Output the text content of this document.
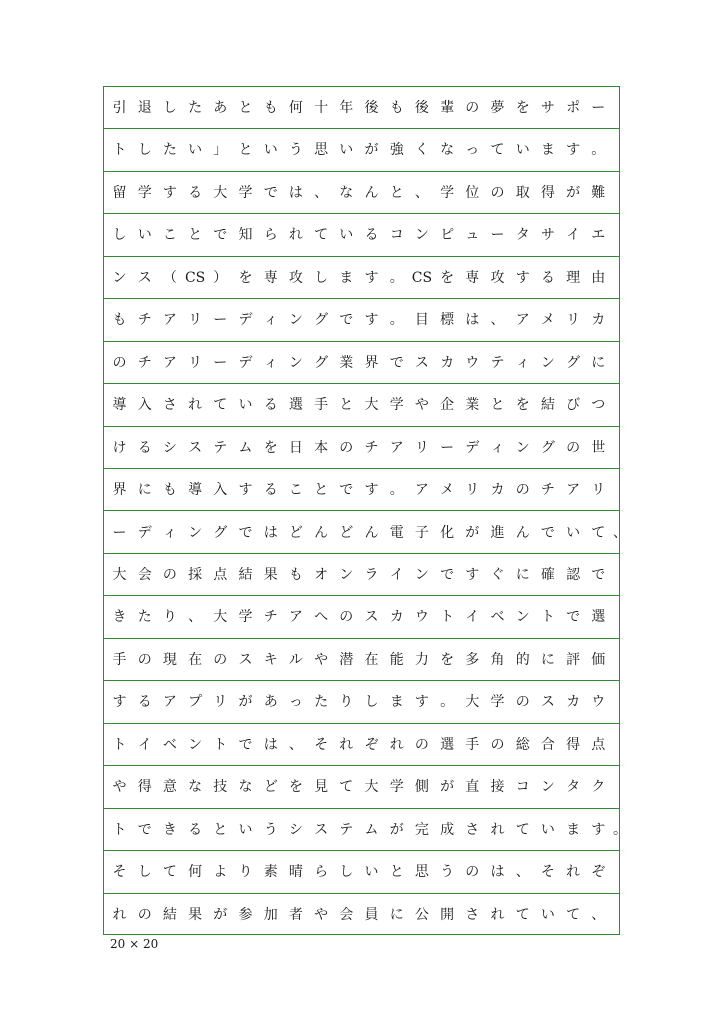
引 退 し た あ と も 何 十 年 後 も 後 輩 の 夢 を サ ポ ー
ト し た い 」 と い う 思 い が 強 く な っ て い ま す 。
留 学 す る 大 学 で は 、 な ん と 、 学 位 の 取 得 が 難
し い こ と で 知 ら れ て い る コ ン ピ ュ ー タ サ イ エ
ン ス （ CS ） を 専 攻 し ま す 。 CS を 専 攻 す る 理 由
も チ ア リ ー デ ィ ン グ で す 。 目 標 は 、 ア メ リ カ
の チ ア リ ー デ ィ ン グ 業 界 で ス カ ウ テ ィ ン グ に
導 入 さ れ て い る 選 手 と 大 学 や 企 業 と を 結 び つ
け る シ ス テ ム を 日 本 の チ ア リ ー デ ィ ン グ の 世
界 に も 導 入 す る こ と で す 。 ア メ リ カ の チ ア リ
ー デ ィ ン グ で は ど ん ど ん 電 子 化 が 進 ん で い て 、
大 会 の 採 点 結 果 も オ ン ラ イ ン で す ぐ に 確 認 で
き た り 、 大 学 チ ア へ の ス カ ウ ト イ ベ ン ト で 選
手 の 現 在 の ス キ ル や 潜 在 能 力 を 多 角 的 に 評 価
す る ア プ リ が あ っ た り し ま す 。 大 学 の ス カ ウ
ト イ ベ ン ト で は 、 そ れ ぞ れ の 選 手 の 総 合 得 点
や 得 意 な 技 な ど を 見 て 大 学 側 が 直 接 コ ン タ ク
ト で き る と い う シ ス テ ム が 完 成 さ れ て い ま す 。
そ し て 何 よ り 素 晴 ら し い と 思 う の は 、 そ れ ぞ
れ の 結 果 が 参 加 者 や 会 員 に 公 開 さ れ て い て 、
20 × 20
